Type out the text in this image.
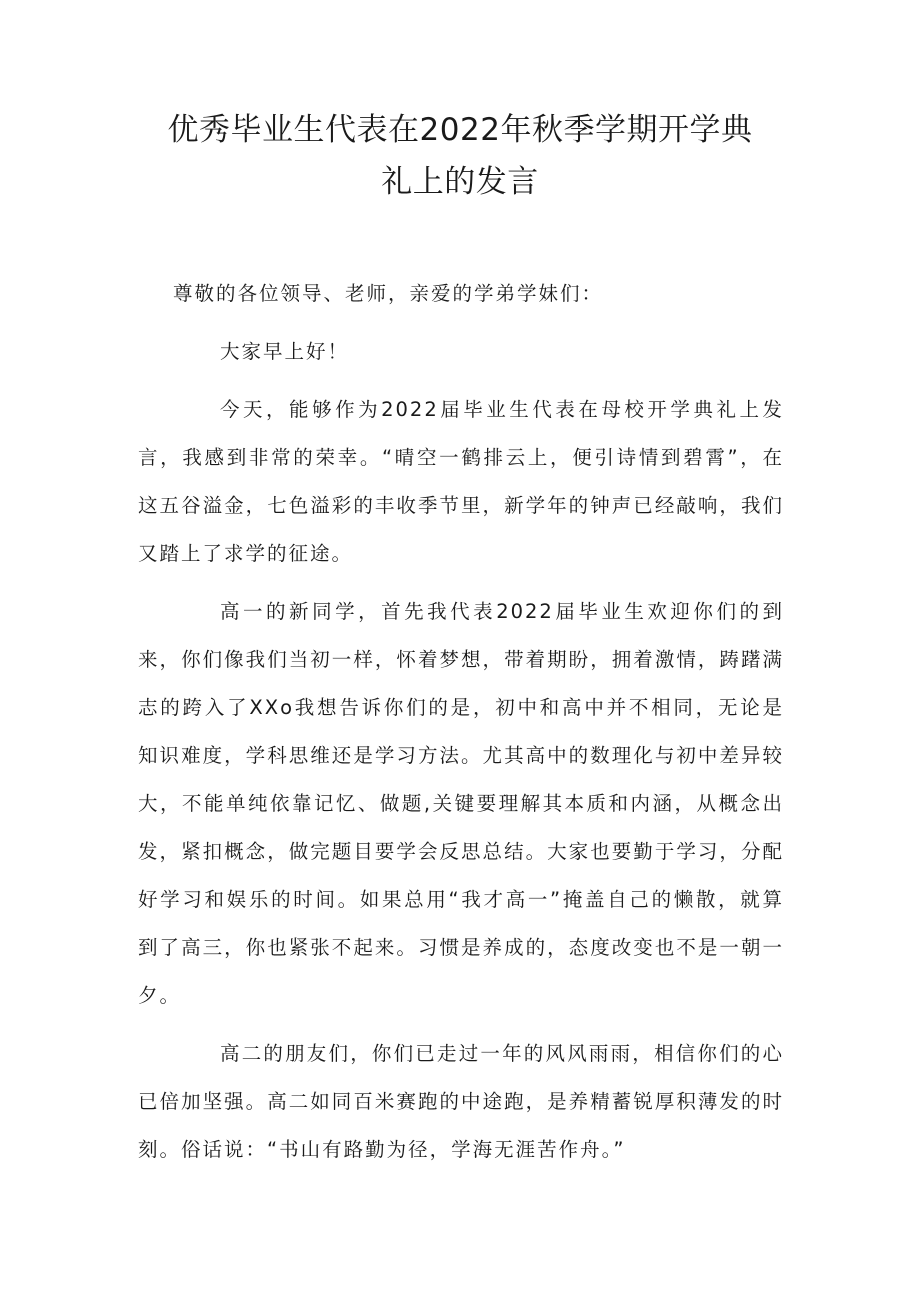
优秀毕业生代表在2022年秋季学期开学典
礼上的发言

尊敬的各位领导、老师，亲爱的学弟学妹们：

大家早上好！

今天，能够作为2022届毕业生代表在母校开学典礼上发言，我感到非常的荣幸。“晴空一鹤排云上，便引诗情到碧霄”，在这五谷溢金，七色溢彩的丰收季节里，新学年的钟声已经敲响，我们又踏上了求学的征途。

高一的新同学，首先我代表2022届毕业生欢迎你们的到来，你们像我们当初一样，怀着梦想，带着期盼，拥着激情，踌躇满志的跨入了XXo我想告诉你们的是，初中和高中并不相同，无论是知识难度，学科思维还是学习方法。尤其高中的数理化与初中差异较大，不能单纯依靠记忆、做题,关键要理解其本质和内涵，从概念出发，紧扣概念，做完题目要学会反思总结。大家也要勤于学习，分配好学习和娱乐的时间。如果总用“我才高一”掩盖自己的懒散，就算到了高三，你也紧张不起来。习惯是养成的，态度改变也不是一朝一夕。

高二的朋友们，你们已走过一年的风风雨雨，相信你们的心已倍加坚强。高二如同百米赛跑的中途跑，是养精蓄锐厚积薄发的时刻。俗话说：“书山有路勤为径，学海无涯苦作舟。”
